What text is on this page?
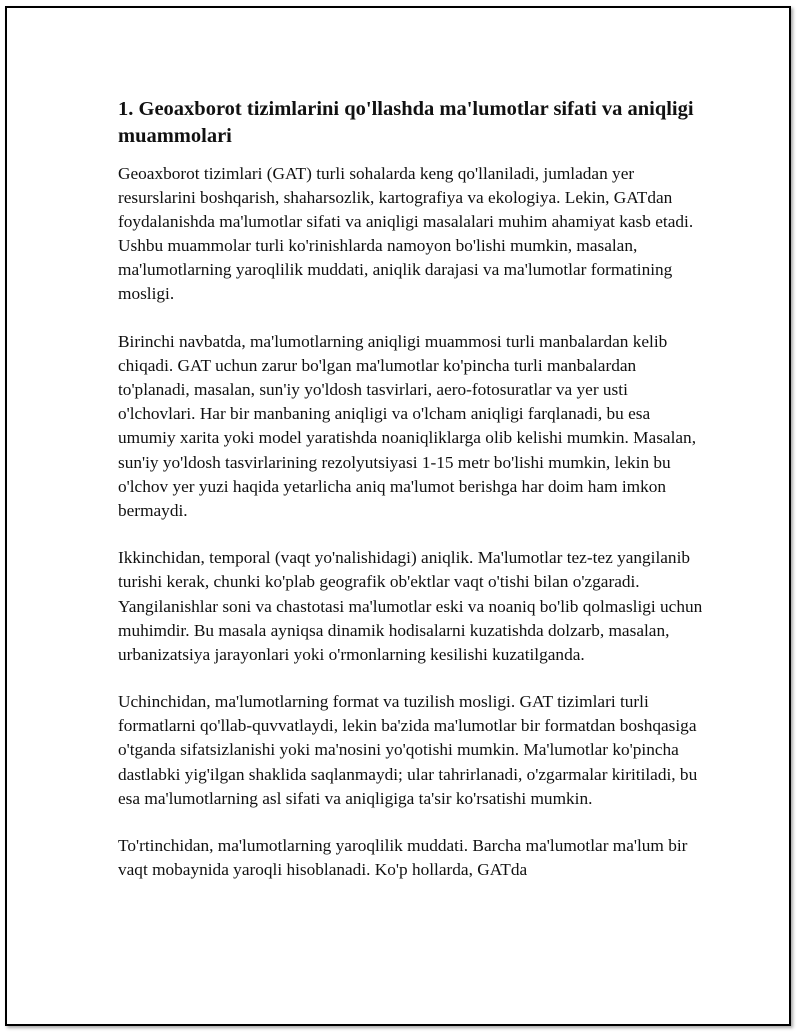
1. Geoaxborot tizimlarini qo'llashda ma'lumotlar sifati va aniqligi muammolari

Geoaxborot tizimlari (GAT) turli sohalarda keng qo'llaniladi, jumladan yer resurslarini boshqarish, shaharsozlik, kartografiya va ekologiya. Lekin, GATdan foydalanishda ma'lumotlar sifati va aniqligi masalalari muhim ahamiyat kasb etadi. Ushbu muammolar turli ko'rinishlarda namoyon bo'lishi mumkin, masalan, ma'lumotlarning yaroqlilik muddati, aniqlik darajasi va ma'lumotlar formatining mosligi.

Birinchi navbatda, ma'lumotlarning aniqligi muammosi turli manbalardan kelib chiqadi. GAT uchun zarur bo'lgan ma'lumotlar ko'pincha turli manbalardan to'planadi, masalan, sun'iy yo'ldosh tasvirlari, aero-fotosuratlar va yer usti o'lchovlari. Har bir manbaning aniqligi va o'lcham aniqligi farqlanadi, bu esa umumiy xarita yoki model yaratishda noaniqliklarga olib kelishi mumkin. Masalan, sun'iy yo'ldosh tasvirlarining rezolyutsiyasi 1-15 metr bo'lishi mumkin, lekin bu o'lchov yer yuzi haqida yetarlicha aniq ma'lumot berishga har doim ham imkon bermaydi.

Ikkinchidan, temporal (vaqt yo'nalishidagi) aniqlik. Ma'lumotlar tez-tez yangilanib turishi kerak, chunki ko'plab geografik ob'ektlar vaqt o'tishi bilan o'zgaradi. Yangilanishlar soni va chastotasi ma'lumotlar eski va noaniq bo'lib qolmasligi uchun muhimdir. Bu masala ayniqsa dinamik hodisalarni kuzatishda dolzarb, masalan, urbanizatsiya jarayonlari yoki o'rmonlarning kesilishi kuzatilganda.

Uchinchidan, ma'lumotlarning format va tuzilish mosligi. GAT tizimlari turli formatlarni qo'llab-quvvatlaydi, lekin ba'zida ma'lumotlar bir formatdan boshqasiga o'tganda sifatsizlanishi yoki ma'nosini yo'qotishi mumkin. Ma'lumotlar ko'pincha dastlabki yig'ilgan shaklida saqlanmaydi; ular tahrirlanadi, o'zgarmalar kiritiladi, bu esa ma'lumotlarning asl sifati va aniqligiga ta'sir ko'rsatishi mumkin.

To'rtinchidan, ma'lumotlarning yaroqlilik muddati. Barcha ma'lumotlar ma'lum bir vaqt mobaynida yaroqli hisoblanadi. Ko'p hollarda, GATda
